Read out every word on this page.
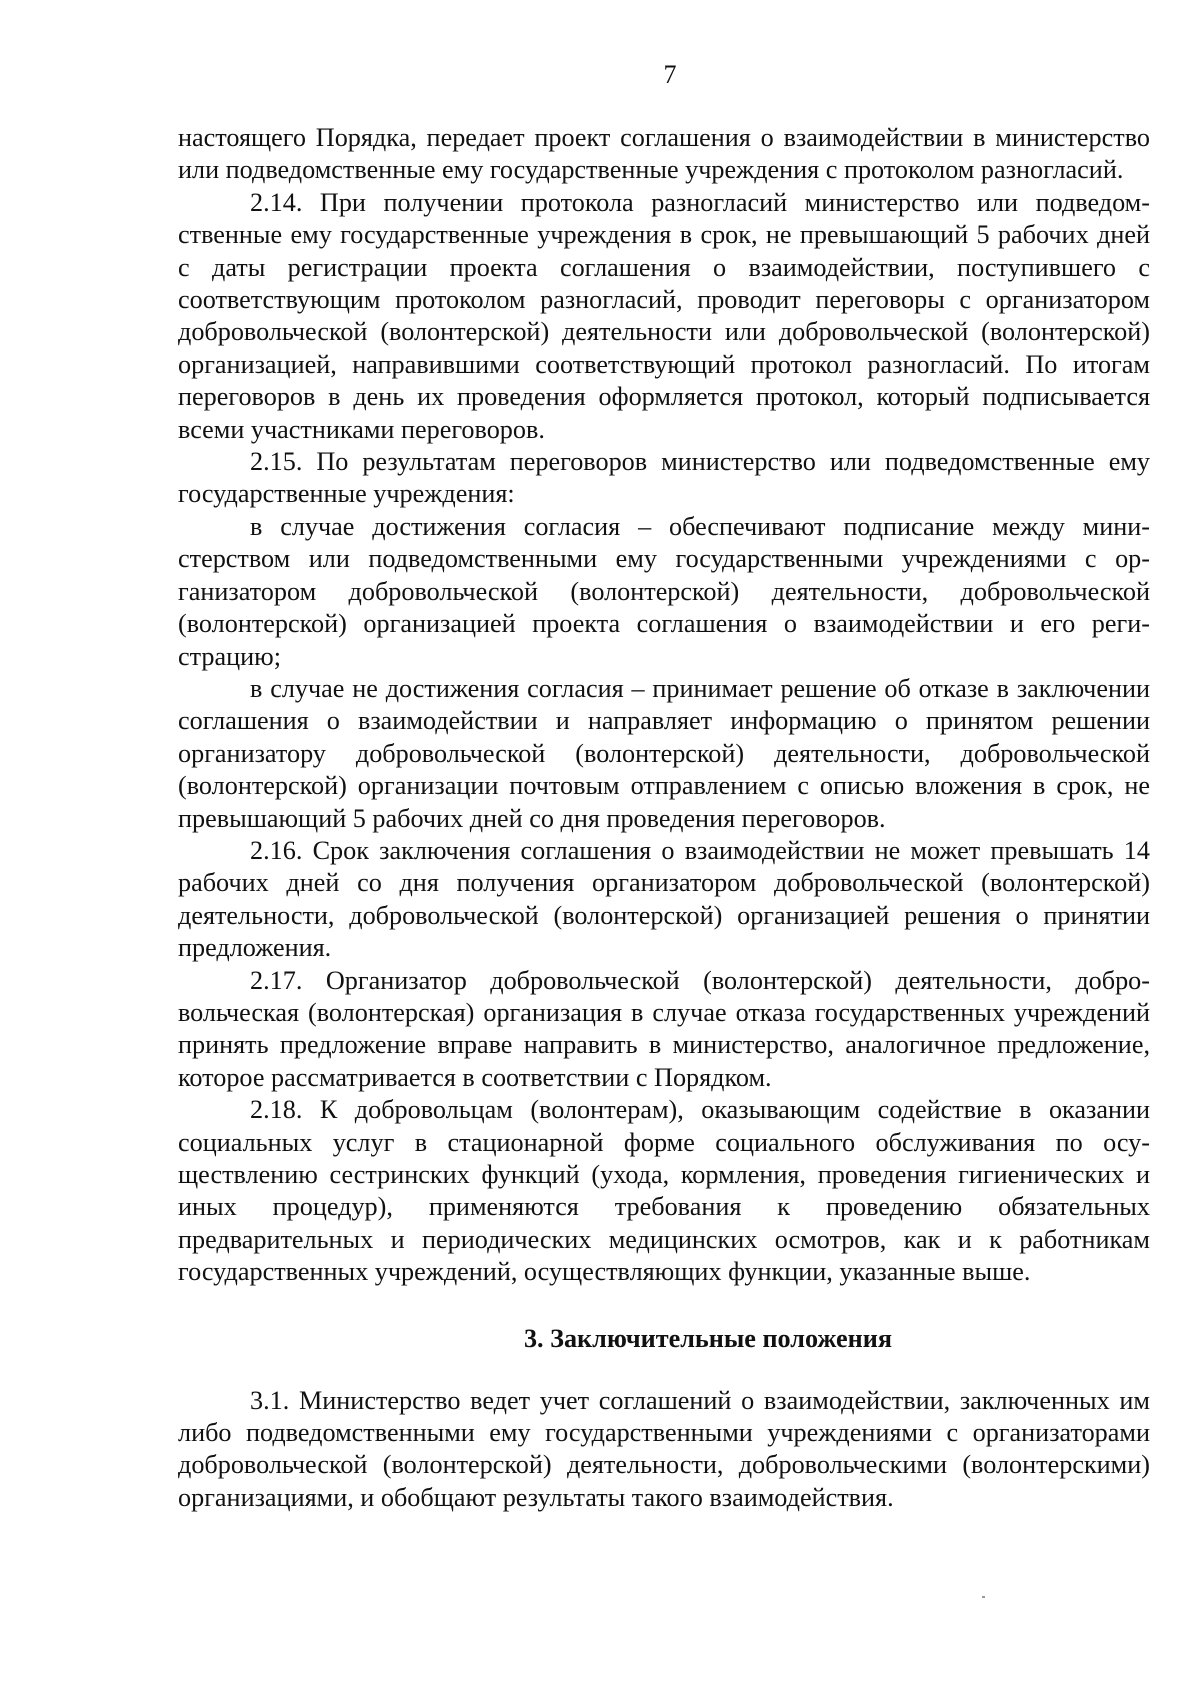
7

настоящего Порядка, передает проект соглашения о взаимодействии в министерство или подведомственные ему государственные учреждения с протоколом разногласий.

2.14. При получении протокола разногласий министерство или подведомственные ему государственные учреждения в срок, не превышающий 5 рабочих дней с даты регистрации проекта соглашения о взаимодействии, поступившего с соответствующим протоколом разногласий, проводит переговоры с организатором добровольческой (волонтерской) деятельности или добровольческой (волонтерской) организацией, направившими соответствующий протокол разногласий. По итогам переговоров в день их проведения оформляется протокол, который подписывается всеми участниками переговоров.

2.15. По результатам переговоров министерство или подведомственные ему государственные учреждения:

в случае достижения согласия – обеспечивают подписание между министерством или подведомственными ему государственными учреждениями с организатором добровольческой (волонтерской) деятельности, добровольческой (волонтерской) организацией проекта соглашения о взаимодействии и его регистрацию;

в случае не достижения согласия – принимает решение об отказе в заключении соглашения о взаимодействии и направляет информацию о принятом решении организатору добровольческой (волонтерской) деятельности, добровольческой (волонтерской) организации почтовым отправлением с описью вложения в срок, не превышающий 5 рабочих дней со дня проведения переговоров.

2.16. Срок заключения соглашения о взаимодействии не может превышать 14 рабочих дней со дня получения организатором добровольческой (волонтерской) деятельности, добровольческой (волонтерской) организацией решения о принятии предложения.

2.17. Организатор добровольческой (волонтерской) деятельности, добровольческая (волонтерская) организация в случае отказа государственных учреждений принять предложение вправе направить в министерство, аналогичное предложение, которое рассматривается в соответствии с Порядком.

2.18. К добровольцам (волонтерам), оказывающим содействие в оказании социальных услуг в стационарной форме социального обслуживания по осуществлению сестринских функций (ухода, кормления, проведения гигиенических и иных процедур), применяются требования к проведению обязательных предварительных и периодических медицинских осмотров, как и к работникам государственных учреждений, осуществляющих функции, указанные выше.

3. Заключительные положения

3.1. Министерство ведет учет соглашений о взаимодействии, заключенных им либо подведомственными ему государственными учреждениями с организаторами добровольческой (волонтерской) деятельности, добровольческими (волонтерскими) организациями, и обобщают результаты такого взаимодействия.
